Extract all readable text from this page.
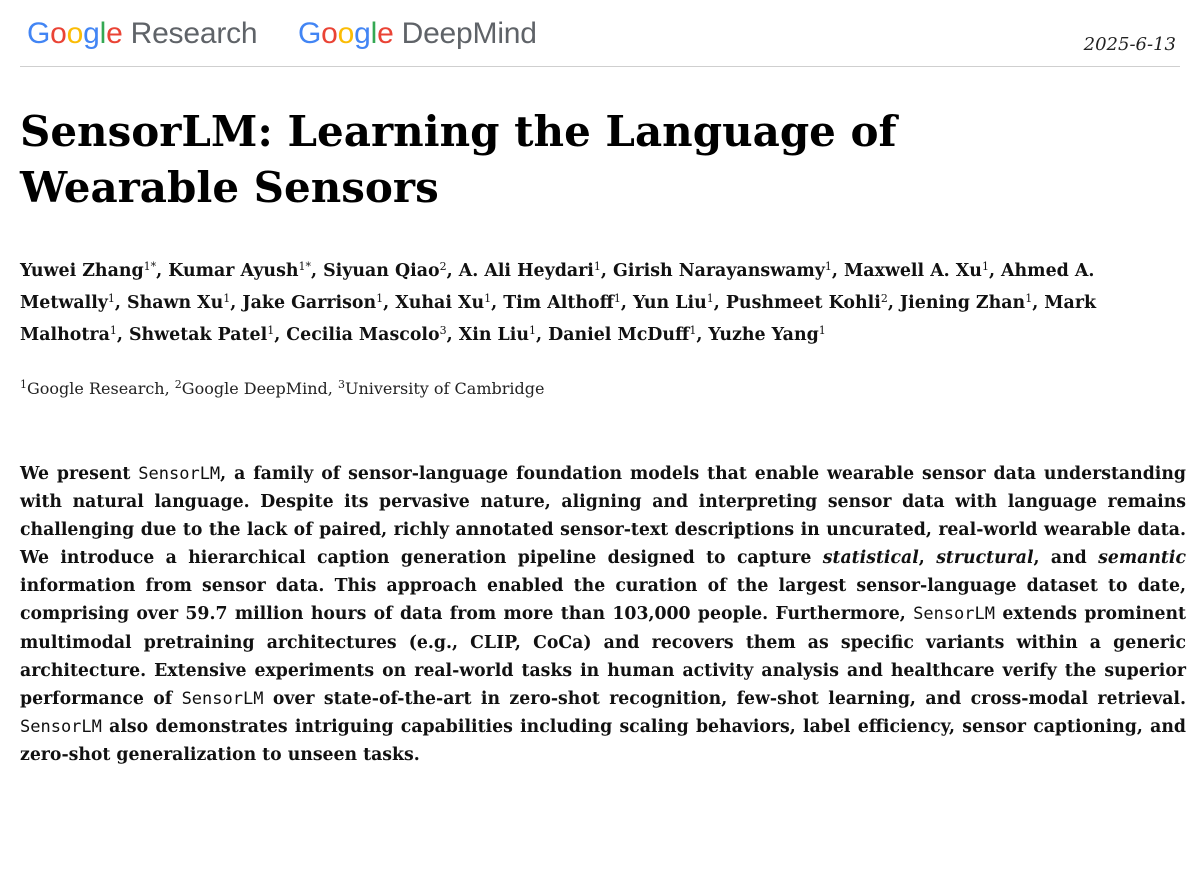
Google Research Google DeepMind	2025-6-13
SensorLM: Learning the Language of
Wearable Sensors
Yuwei Zhang$^{1*}$, Kumar Ayush$^{1*}$, Siyuan Qiao$^2$, A. Ali Heydari$^1$, Girish Narayanswamy$^1$, Maxwell A. Xu$^1$, Ahmed A. Metwally$^1$, Shawn Xu$^1$, Jake Garrison$^1$, Xuhai Xu$^1$, Tim Althoff$^1$, Yun Liu$^1$, Pushmeet Kohli$^2$, Jiening Zhan$^1$, Mark Malhotra$^1$, Shwetak Patel$^1$, Cecilia Mascolo$^3$, Xin Liu$^1$, Daniel McDuff$^1$, Yuzhe Yang$^1$
$^1$Google Research, $^2$Google DeepMind, $^3$University of Cambridge

We present SensorLM, a family of sensor-language foundation models that enable wearable sensor data understanding with natural language. Despite its pervasive nature, aligning and interpreting sensor data with language remains challenging due to the lack of paired, richly annotated sensor-text descriptions in uncurated, real-world wearable data. We introduce a hierarchical caption generation pipeline designed to capture statistical, structural, and semantic information from sensor data. This approach enabled the curation of the largest sensor-language dataset to date, comprising over 59.7 million hours of data from more than 103,000 people. Furthermore, SensorLM extends prominent multimodal pretraining architectures (e.g., CLIP, CoCa) and recovers them as specific variants within a generic architecture. Extensive experiments on real-world tasks in human activity analysis and healthcare verify the superior performance of SensorLM over state-of-the-art in zero-shot recognition, few-shot learning, and cross-modal retrieval. SensorLM also demonstrates intriguing capabilities including scaling behaviors, label efficiency, sensor captioning, and zero-shot generalization to unseen tasks.
